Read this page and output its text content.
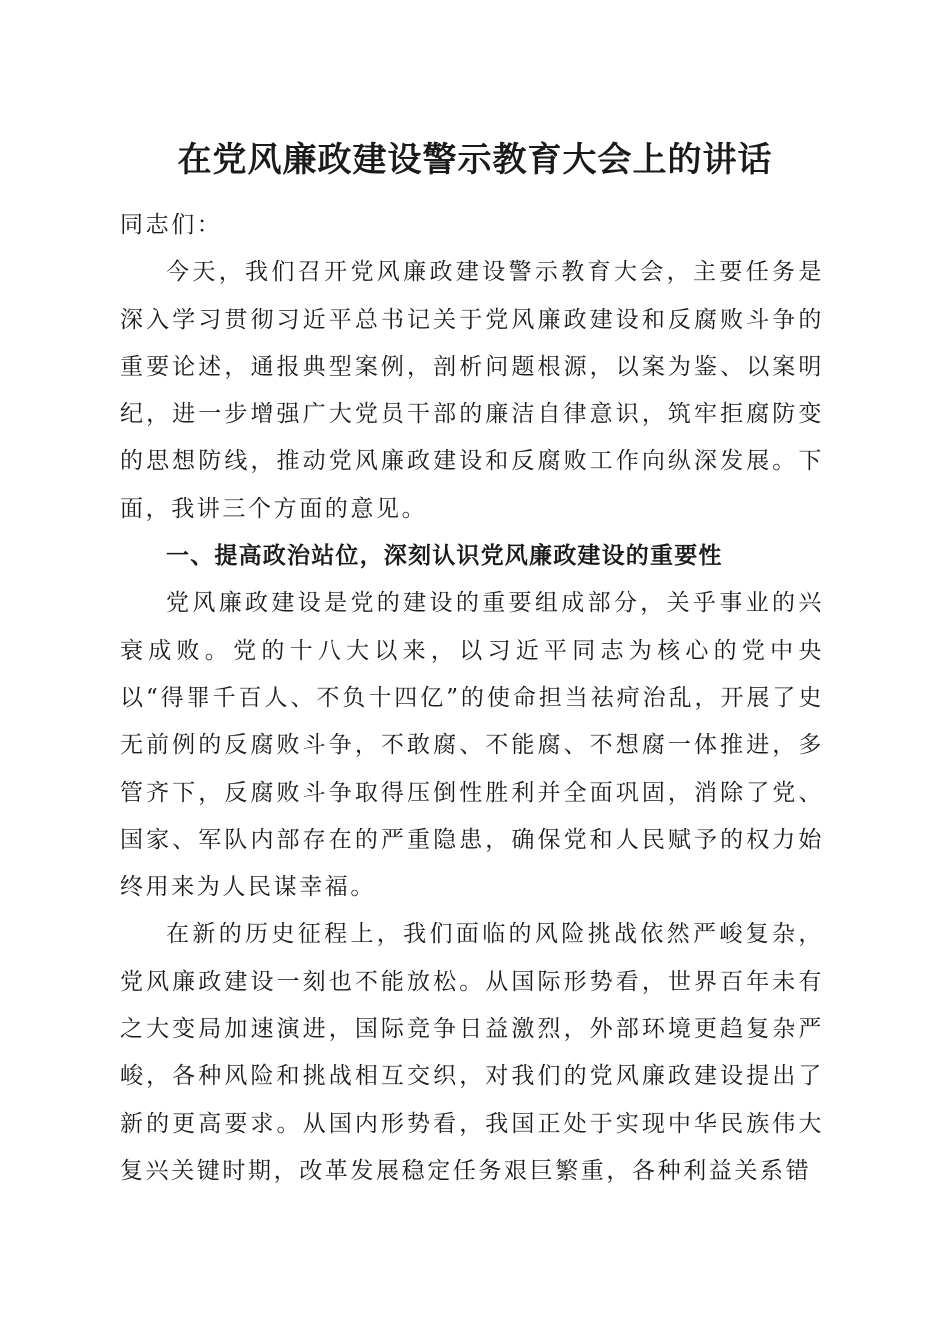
在党风廉政建设警示教育大会上的讲话

同志们：

今天，我们召开党风廉政建设警示教育大会，主要任务是深入学习贯彻习近平总书记关于党风廉政建设和反腐败斗争的重要论述，通报典型案例，剖析问题根源，以案为鉴、以案明纪，进一步增强广大党员干部的廉洁自律意识，筑牢拒腐防变的思想防线，推动党风廉政建设和反腐败工作向纵深发展。下面，我讲三个方面的意见。

一、提高政治站位，深刻认识党风廉政建设的重要性

党风廉政建设是党的建设的重要组成部分，关乎事业的兴衰成败。党的十八大以来，以习近平同志为核心的党中央以“得罪千百人、不负十四亿”的使命担当祛疴治乱，开展了史无前例的反腐败斗争，不敢腐、不能腐、不想腐一体推进，多管齐下，反腐败斗争取得压倒性胜利并全面巩固，消除了党、国家、军队内部存在的严重隐患，确保党和人民赋予的权力始终用来为人民谋幸福。

在新的历史征程上，我们面临的风险挑战依然严峻复杂，党风廉政建设一刻也不能放松。从国际形势看，世界百年未有之大变局加速演进，国际竞争日益激烈，外部环境更趋复杂严峻，各种风险和挑战相互交织，对我们的党风廉政建设提出了新的更高要求。从国内形势看，我国正处于实现中华民族伟大复兴关键时期，改革发展稳定任务艰巨繁重，各种利益关系错
